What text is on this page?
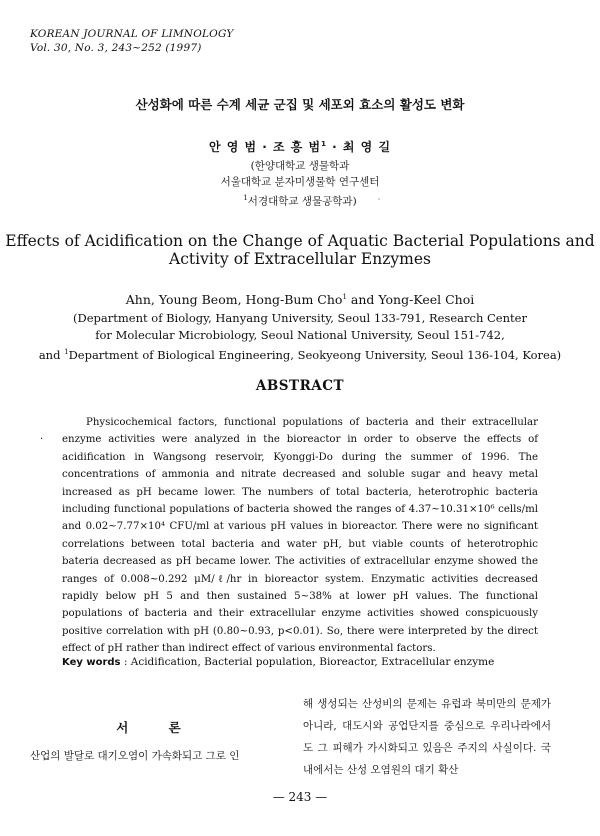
KOREAN JOURNAL OF LIMNOLOGY
Vol. 30, No. 3, 243~252 (1997)
산성화에 따른 수계 세균 군집 및 세포외 효소의 활성도 변화
안 영 범 · 조 흥 범$^1$ · 최 영 길
(한양대학교 생물학과
서울대학교 분자미생물학 연구센터
$^1$서경대학교 생물공학과)	˙
Effects of Acidification on the Change of Aquatic Bacterial Populations and
Activity of Extracellular Enzymes
Ahn, Young Beom, Hong-Bum Cho$^1$ and Yong-Keel Choi
(Department of Biology, Hanyang University, Seoul 133-791, Research Center
for Molecular Microbiology, Seoul National University, Seoul 151-742,
and $^1$Department of Biological Engineering, Seokyeong University, Seoul 136-104, Korea)
ABSTRACT
·

Physicochemical factors, functional populations of bacteria and their extracellular enzyme activities were analyzed in the bioreactor in order to observe the effects of acidification in Wangsong reservoir, Kyonggi-Do during the summer of 1996. The concentrations of ammonia and nitrate decreased and soluble sugar and heavy metal increased as pH became lower. The numbers of total bacteria, heterotrophic bacteria including functional populations of bacteria showed the ranges of 4.37~10.31×10⁶ cells/ml and 0.02~7.77×10⁴ CFU/ml at various pH values in bioreactor. There were no significant correlations between total bacteria and water pH, but viable counts of heterotrophic bateria decreased as pH became lower. The activities of extracellular enzyme showed the ranges of 0.008~0.292 μM/ℓ/hr in bioreactor system. Enzymatic activities decreased rapidly below pH 5 and then sustained 5~38% at lower pH values. The functional populations of bacteria and their extracellular enzyme activities showed conspicuously positive correlation with pH (0.80~0.93, p<0.01). So, there were interpreted by the direct effect of pH rather than indirect effect of various environmental factors.

Key words : Acidification, Bacterial population, Bioreactor, Extracellular enzyme
서 론
산업의 발달로 대기오염이 가속화되고 그로 인

해 생성되는 산성비의 문제는 유럽과 북미만의 문제가 아니라, 대도시와 공업단지를 중심으로 우리나라에서도 그 피해가 가시화되고 있음은 주지의 사실이다. 국내에서는 산성 오염원의 대기 확산

— 243 —
